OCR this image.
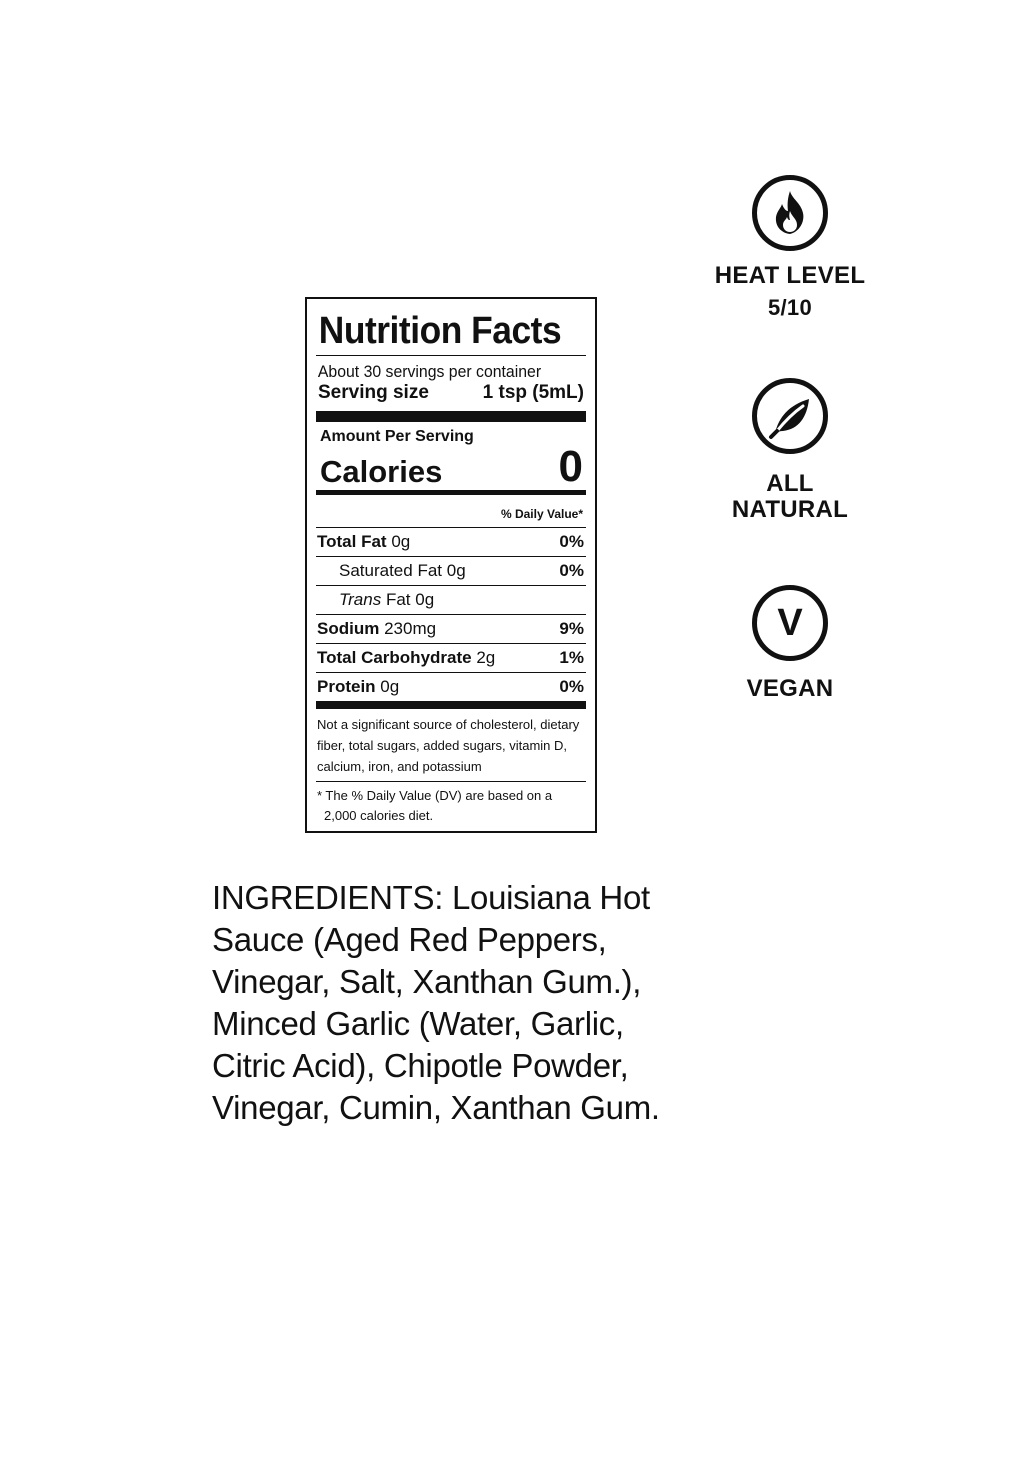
Nutrition Facts
About 30 servings per container
Serving size	1 tsp (5mL)
Amount Per Serving
Calories	0
% Daily Value*
Total Fat 0g	0%
Saturated Fat 0g	0%
Trans Fat 0g
Sodium 230mg	9%
Total Carbohydrate 2g	1%
Protein 0g	0%
Not a significant source of cholesterol, dietary fiber, total sugars, added sugars, vitamin D, calcium, iron, and potassium
* The % Daily Value (DV) are based on a
2,000 calories diet.
HEAT LEVEL
5/10
ALL
NATURAL
V
VEGAN
INGREDIENTS: Louisiana Hot Sauce (Aged Red Peppers, Vinegar, Salt, Xanthan Gum.), Minced Garlic (Water, Garlic, Citric Acid), Chipotle Powder, Vinegar, Cumin, Xanthan Gum.
